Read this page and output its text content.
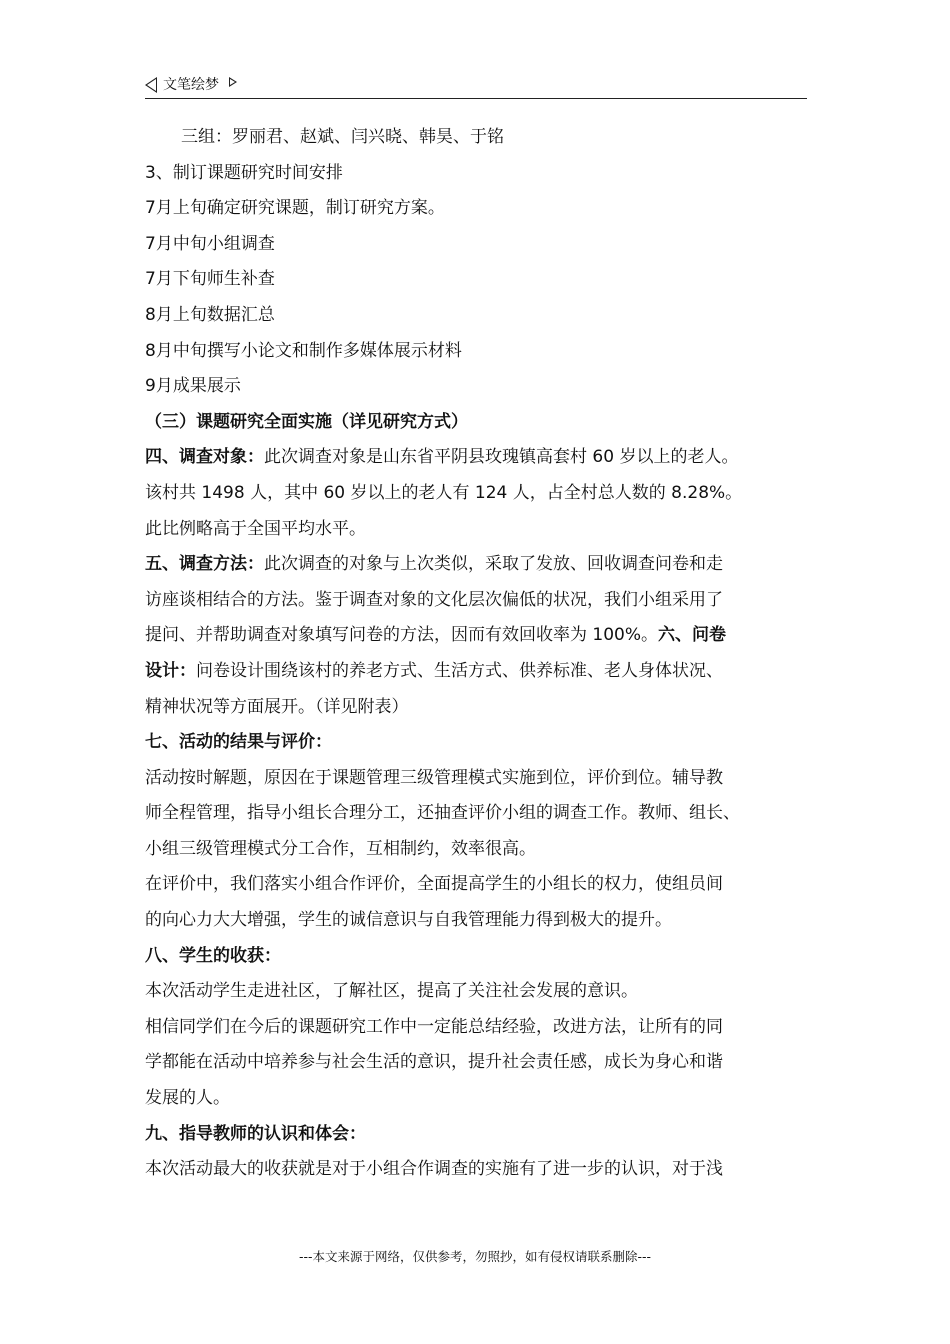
文笔绘梦
三组：罗丽君、赵斌、闫兴晓、韩昊、于铭
3、制订课题研究时间安排
7月上旬确定研究课题，制订研究方案。
7月中旬小组调查
7月下旬师生补查
8月上旬数据汇总
8月中旬撰写小论文和制作多媒体展示材料
9月成果展示
（三）课题研究全面实施（详见研究方式）
四、调查对象：此次调查对象是山东省平阴县玫瑰镇高套村 60 岁以上的老人。
该村共 1498 人，其中 60 岁以上的老人有 124 人，占全村总人数的 8.28%。
此比例略高于全国平均水平。
五、调查方法：此次调查的对象与上次类似，采取了发放、回收调查问卷和走
访座谈相结合的方法。鉴于调查对象的文化层次偏低的状况，我们小组采用了
提问、并帮助调查对象填写问卷的方法，因而有效回收率为 100%。六、问卷
设计：问卷设计围绕该村的养老方式、生活方式、供养标准、老人身体状况、
精神状况等方面展开。（详见附表）
七、活动的结果与评价：
活动按时解题，原因在于课题管理三级管理模式实施到位，评价到位。辅导教
师全程管理，指导小组长合理分工，还抽查评价小组的调查工作。教师、组长、
小组三级管理模式分工合作，互相制约，效率很高。
在评价中，我们落实小组合作评价，全面提高学生的小组长的权力，使组员间
的向心力大大增强，学生的诚信意识与自我管理能力得到极大的提升。
八、学生的收获：
本次活动学生走进社区，了解社区，提高了关注社会发展的意识。
相信同学们在今后的课题研究工作中一定能总结经验，改进方法，让所有的同
学都能在活动中培养参与社会生活的意识，提升社会责任感，成长为身心和谐
发展的人。
九、指导教师的认识和体会：
本次活动最大的收获就是对于小组合作调查的实施有了进一步的认识，对于浅
---本文来源于网络，仅供参考，勿照抄，如有侵权请联系删除---
